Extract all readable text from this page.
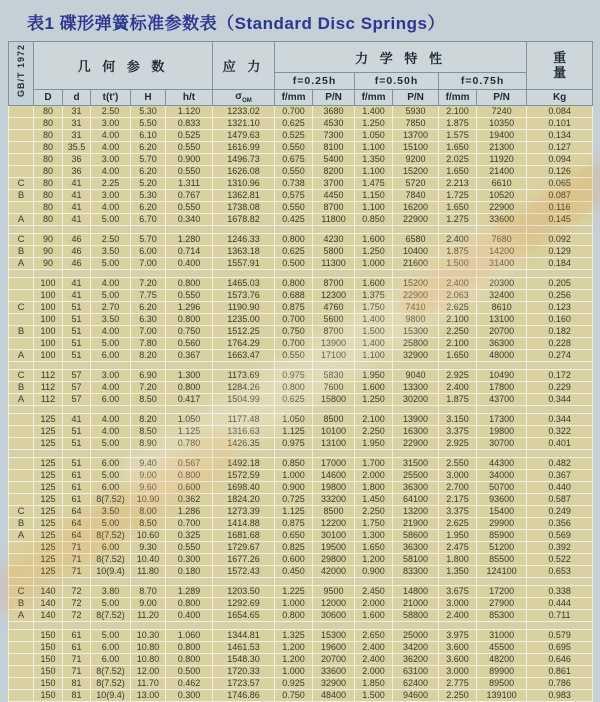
表1 碟形弹簧标准参数表（Standard Disc Springs）
GB/T 1972	几 何 参 数					应 力	力 学 特 性						重量
							f=0.25h		f=0.50h		f=0.75h		
	D	d	t(t')	H	h/t	$\sigma_{OM}$	f/mm	P/N	f/mm	P/N	f/mm	P/N	Kg
	80	31	2.50	5.30	1.120	1233.02	0.700	3680	1.400	5930	2.100	7240	0.084
	80	31	3.00	5.50	0.833	1321.10	0.625	4530	1.250	7850	1.875	10350	0.101
	80	31	4.00	6.10	0.525	1479.63	0.525	7300	1.050	13700	1.575	19400	0.134
	80	35.5	4.00	6.20	0.550	1616.99	0.550	8100	1.100	15100	1.650	21300	0.127
	80	36	3.00	5.70	0.900	1496.73	0.675	5400	1.350	9200	2.025	11920	0.094
	80	36	4.00	6.20	0.550	1626.08	0.550	8200	1.100	15200	1.650	21400	0.126
C	80	41	2.25	5.20	1.311	1310.96	0.738	3700	1.475	5720	2.213	6610	0.065
B	80	41	3.00	5.30	0.767	1362.81	0.575	4450	1.150	7840	1.725	10520	0.087
	80	41	4.00	6.20	0.550	1738.08	0.550	8700	1.100	16200	1.650	22900	0.116
A	80	41	5.00	6.70	0.340	1678.82	0.425	11800	0.850	22900	1.275	33600	0.145

C	90	46	2.50	5.70	1.280	1246.33	0.800	4230	1.600	6580	2.400	7680	0.092
B	90	46	3.50	6.00	0.714	1363.18	0.625	5800	1.250	10400	1.875	14200	0.129
A	90	46	5.00	7.00	0.400	1557.91	0.500	11300	1.000	21600	1.500	31400	0.184

	100	41	4.00	7.20	0.800	1465.03	0.800	8700	1.600	15200	2.400	20300	0.205
	100	41	5.00	7.75	0.550	1573.76	0.688	12300	1.375	22900	2.063	32400	0.256
C	100	51	2.70	6.20	1.296	1190.90	0.875	4760	1.750	7410	2.625	8610	0.123
	100	51	3.50	6.30	0.800	1235.00	0.700	5600	1.400	9800	2.100	13100	0.160
B	100	51	4.00	7.00	0.750	1512.25	0.750	8700	1.500	15300	2.250	20700	0.182
	100	51	5.00	7.80	0.560	1764.29	0.700	13900	1.400	25800	2.100	36300	0.228
A	100	51	6.00	8.20	0.367	1663.47	0.550	17100	1.100	32900	1.650	48000	0.274

C	112	57	3.00	6.90	1.300	1173.69	0.975	5830	1.950	9040	2.925	10490	0.172
B	112	57	4.00	7.20	0.800	1284.26	0.800	7600	1.600	13300	2.400	17800	0.229
A	112	57	6.00	8.50	0.417	1504.99	0.625	15800	1.250	30200	1.875	43700	0.344

	125	41	4.00	8.20	1.050	1177.48	1.050	8500	2.100	13900	3.150	17300	0.344
	125	51	4.00	8.50	1.125	1316.63	1.125	10100	2.250	16300	3.375	19800	0.322
	125	51	5.00	8.90	0.780	1426.35	0.975	13100	1.950	22900	2.925	30700	0.401

	125	51	6.00	9.40	0.567	1492.18	0.850	17000	1.700	31500	2.550	44300	0.482
	125	61	5.00	9.00	0.800	1572.59	1.000	14600	2.000	25500	3.000	34000	0.367
	125	61	6.00	9.60	0.600	1698.40	0.900	19800	1.800	36300	2.700	50700	0.440
	125	61	8(7.52)	10.90	0.362	1824.20	0.725	33200	1.450	64100	2.175	93600	0.587
C	125	64	3.50	8.00	1.286	1273.39	1.125	8500	2.250	13200	3.375	15400	0.249
B	125	64	5.00	8.50	0.700	1414.88	0.875	12200	1.750	21900	2.625	29900	0.356
A	125	64	8(7.52)	10.60	0.325	1681.68	0.650	30100	1.300	58600	1.950	85900	0.569
	125	71	6.00	9.30	0.550	1729.67	0.825	19500	1.650	36300	2.475	51200	0.392
	125	71	8(7.52)	10.40	0.300	1677.26	0.600	29800	1.200	58100	1.800	85500	0.522
	125	71	10(9.4)	11.80	0.180	1572.43	0.450	42000	0.900	83300	1.350	124100	0.653

C	140	72	3.80	8.70	1.289	1203.50	1.225	9500	2.450	14800	3.675	17200	0.338
B	140	72	5.00	9.00	0.800	1292.69	1.000	12000	2.000	21000	3.000	27900	0.444
A	140	72	8(7.52)	11.20	0.400	1654.65	0.800	30600	1.600	58800	2.400	85300	0.711

	150	61	5.00	10.30	1.060	1344.81	1.325	15300	2.650	25000	3.975	31000	0.579
	150	61	6.00	10.80	0.800	1461.53	1.200	19600	2.400	34200	3.600	45500	0.695
	150	71	6.00	10.80	0.800	1548.30	1.200	20700	2.400	36200	3.600	48200	0.646
	150	71	8(7.52)	12.00	0.500	1720.33	1.000	33600	2.000	63100	3.000	89900	0.861
	150	81	8(7.52)	11.70	0.462	1723.57	0.925	32900	1.850	62400	2.775	89500	0.786
	150	81	10(9.4)	13.00	0.300	1746.86	0.750	48400	1.500	94600	2.250	139100	0.983
